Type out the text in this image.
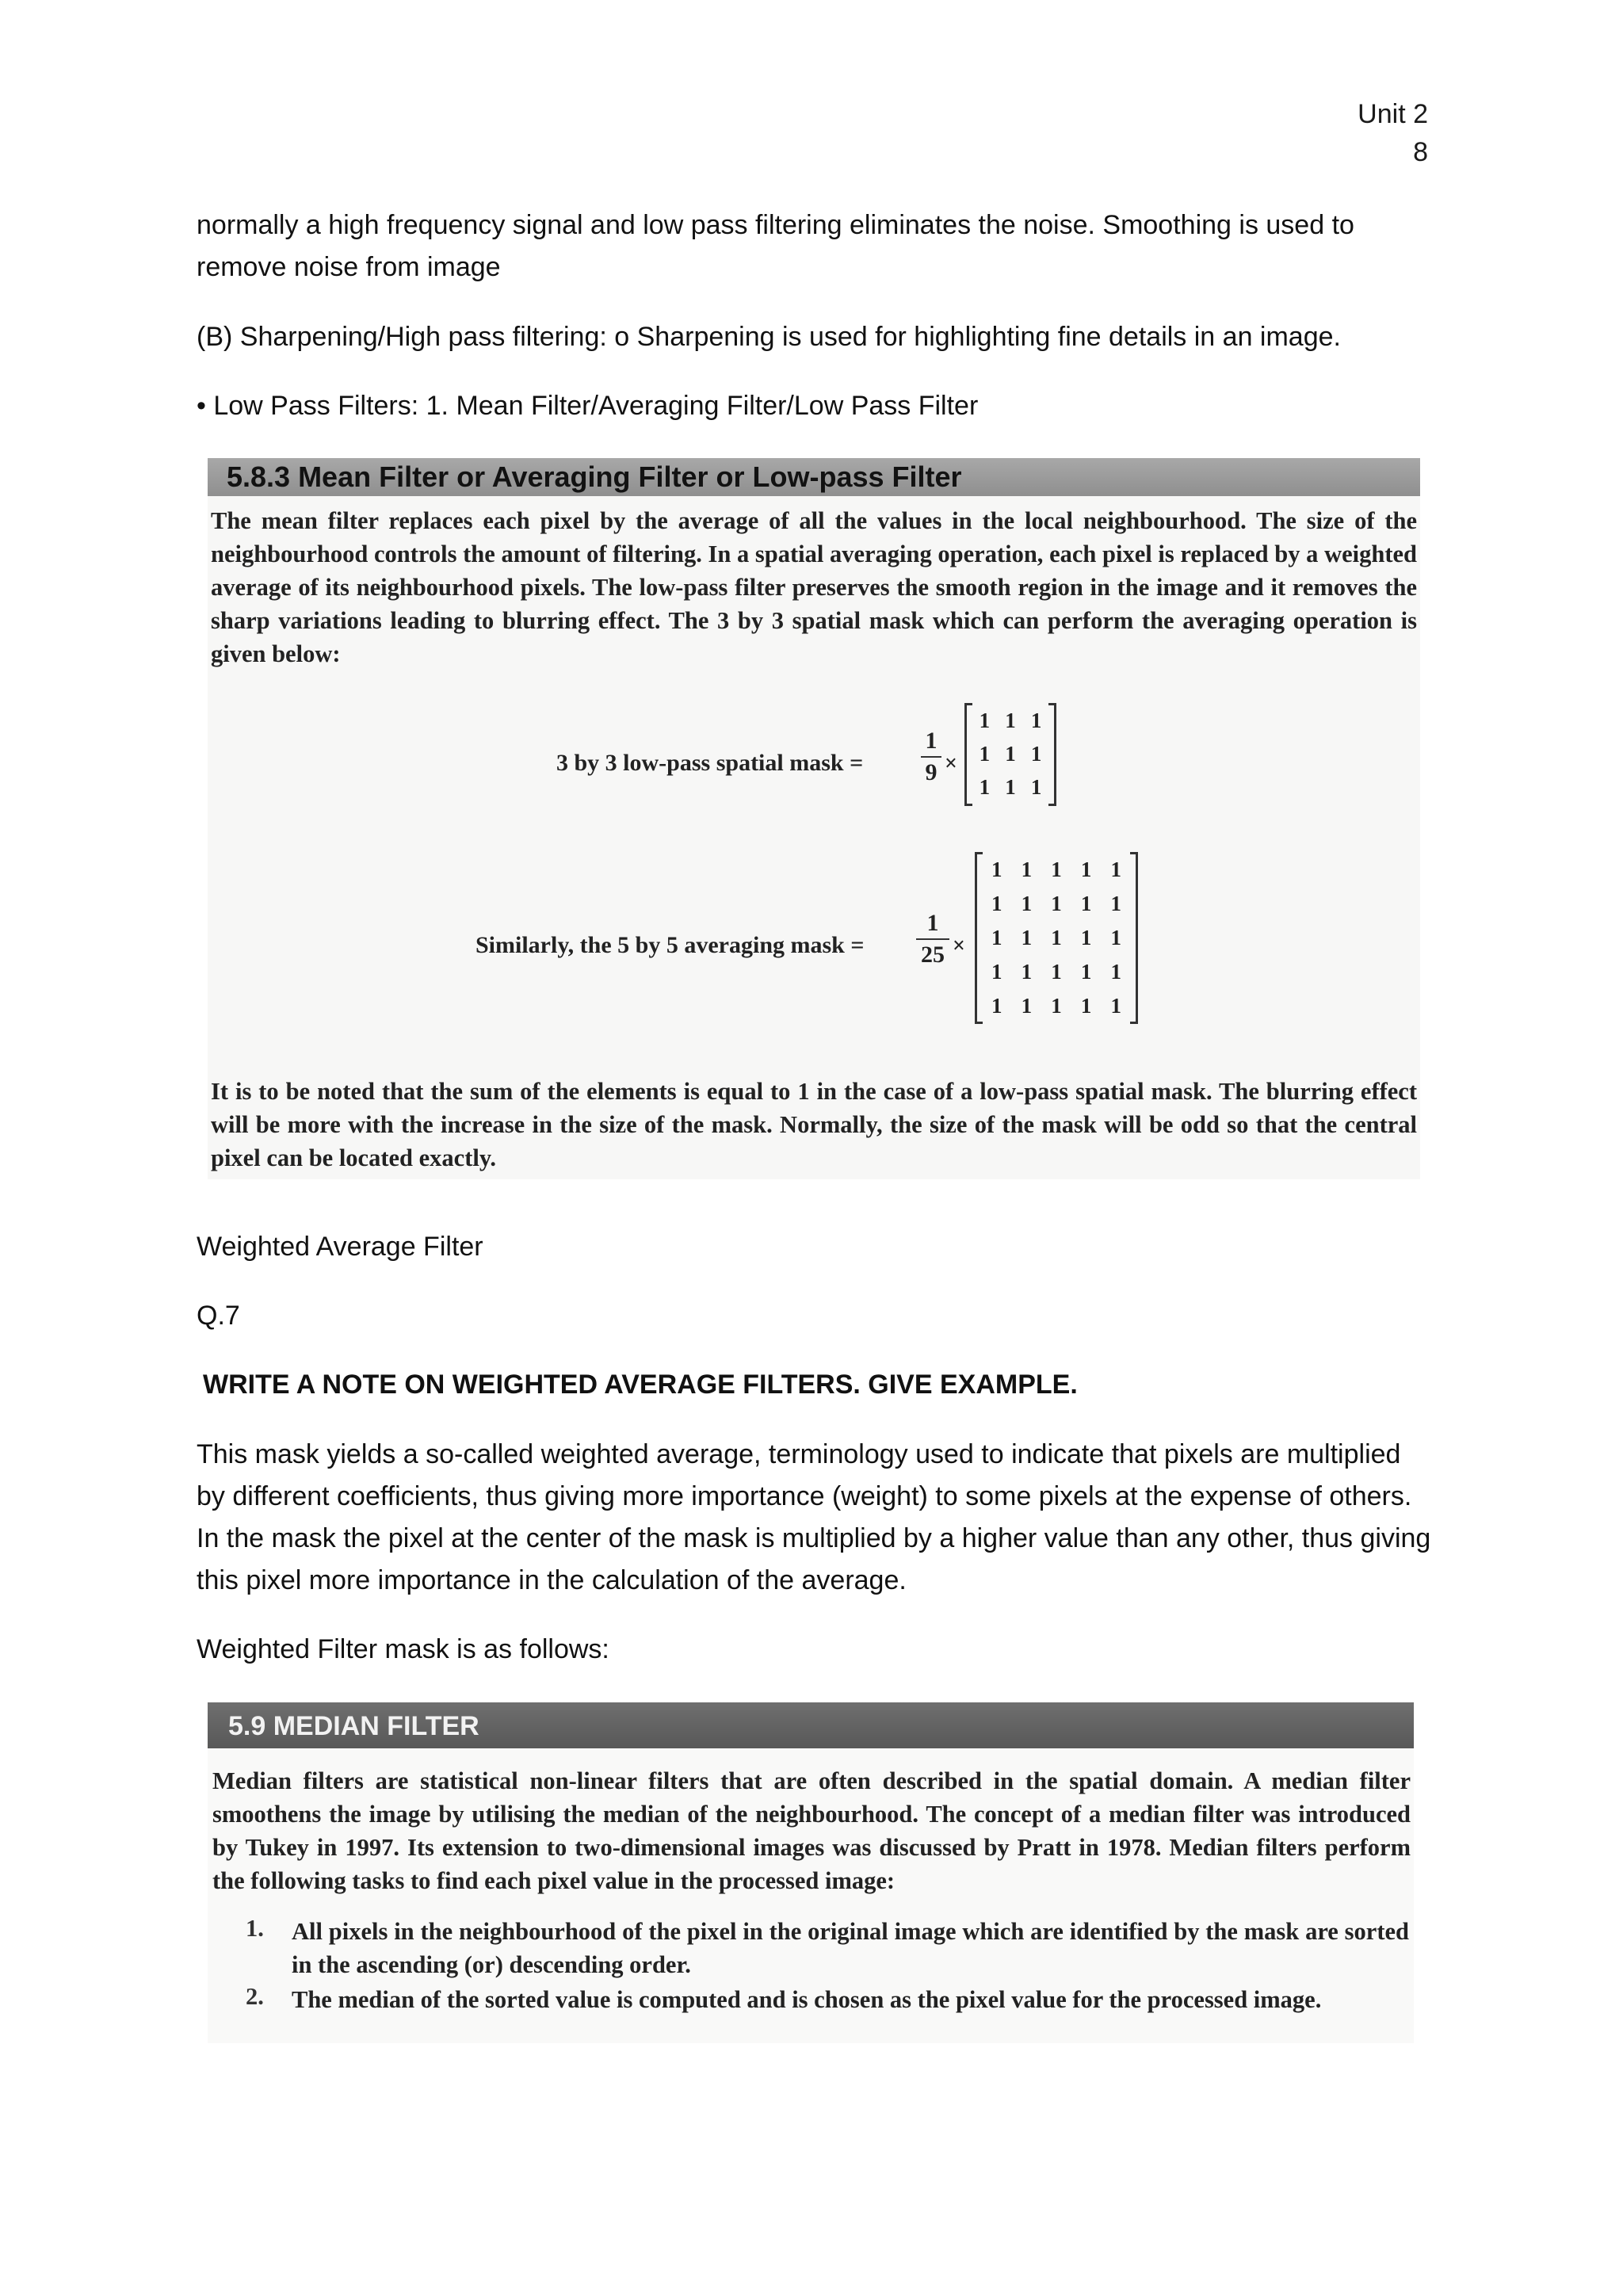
Unit 2
8

normally a high frequency signal and low pass filtering eliminates the noise. Smoothing is used to remove noise from image

(B) Sharpening/High pass filtering: o Sharpening is used for highlighting fine details in an image.

• Low Pass Filters: 1. Mean Filter/Averaging Filter/Low Pass Filter

5.8.3 Mean Filter or Averaging Filter or Low-pass Filter

The mean filter replaces each pixel by the average of all the values in the local neighbourhood. The size of the neighbourhood controls the amount of filtering. In a spatial averaging operation, each pixel is replaced by a weighted average of its neighbourhood pixels. The low-pass filter preserves the smooth region in the image and it removes the sharp variations leading to blurring effect. The 3 by 3 spatial mask which can perform the averaging operation is given below:

3 by 3 low-pass spatial mask =
1
9 ×
1 1 1
1 1 1
1 1 1
Similarly, the 5 by 5 averaging mask =
1
25 ×
1 1 1 1 1
1 1 1 1 1
1 1 1 1 1
1 1 1 1 1
1 1 1 1 1

It is to be noted that the sum of the elements is equal to 1 in the case of a low-pass spatial mask. The blurring effect will be more with the increase in the size of the mask. Normally, the size of the mask will be odd so that the central pixel can be located exactly.

Weighted Average Filter

Q.7

WRITE A NOTE ON WEIGHTED AVERAGE FILTERS. GIVE EXAMPLE.

This mask yields a so-called weighted average, terminology used to indicate that pixels are multiplied by different coefficients, thus giving more importance (weight) to some pixels at the expense of others. In the mask the pixel at the center of the mask is multiplied by a higher value than any other, thus giving this pixel more importance in the calculation of the average.

Weighted Filter mask is as follows:

5.9 MEDIAN FILTER

Median filters are statistical non-linear filters that are often described in the spatial domain. A median filter smoothens the image by utilising the median of the neighbourhood. The concept of a median filter was introduced by Tukey in 1997. Its extension to two-dimensional images was discussed by Pratt in 1978. Median filters perform the following tasks to find each pixel value in the processed image:

1. All pixels in the neighbourhood of the pixel in the original image which are identified by the mask are sorted in the ascending (or) descending order.

2. The median of the sorted value is computed and is chosen as the pixel value for the processed image.
